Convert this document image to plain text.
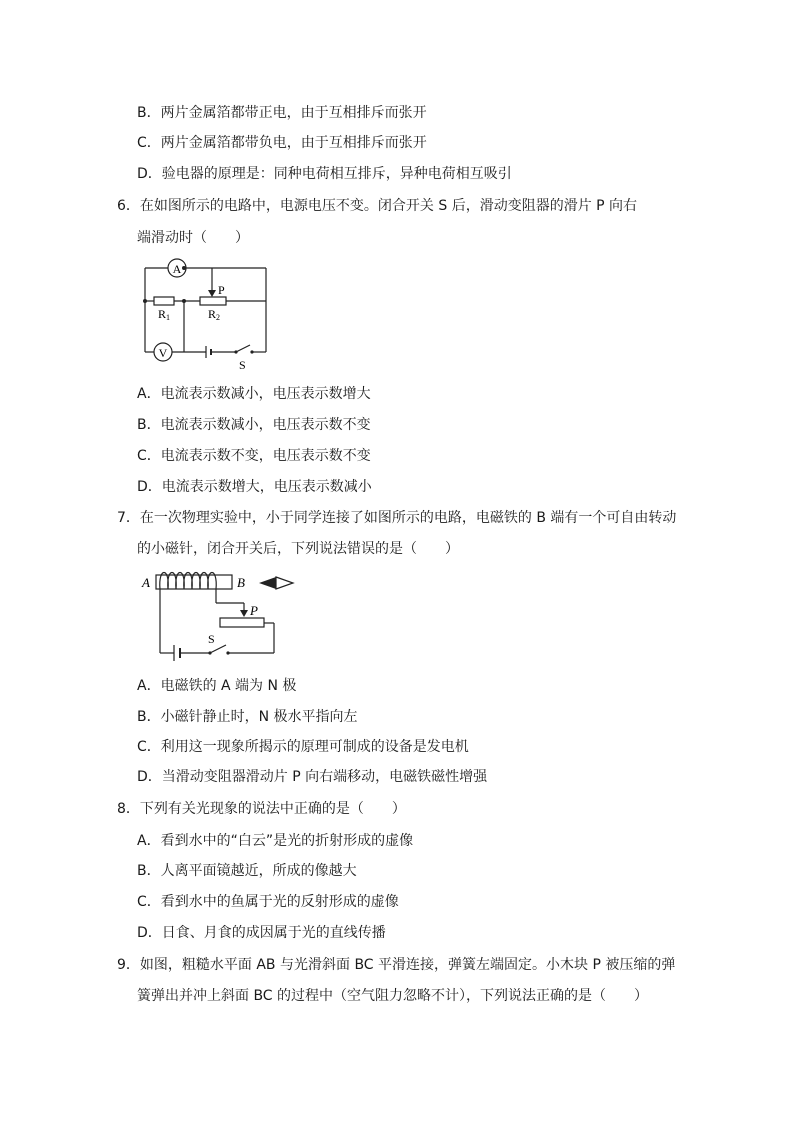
B．两片金属箔都带正电，由于互相排斥而张开
C．两片金属箔都带负电，由于互相排斥而张开
D．验电器的原理是：同种电荷相互排斥，异种电荷相互吸引
6．在如图所示的电路中，电源电压不变。闭合开关 S 后，滑动变阻器的滑片 P 向右
端滑动时（　　）
A
V
P
R1	R2
S
A．电流表示数减小，电压表示数增大
B．电流表示数减小，电压表示数不变
C．电流表示数不变，电压表示数不变
D．电流表示数增大，电压表示数减小
7．在一次物理实验中，小于同学连接了如图所示的电路，电磁铁的 B 端有一个可自由转动
的小磁针，闭合开关后，下列说法错误的是（　　）
A	B
P
S
A．电磁铁的 A 端为 N 极
B．小磁针静止时，N 极水平指向左
C．利用这一现象所揭示的原理可制成的设备是发电机
D．当滑动变阻器滑动片 P 向右端移动，电磁铁磁性增强
8．下列有关光现象的说法中正确的是（　　）
A．看到水中的“白云”是光的折射形成的虚像
B．人离平面镜越近，所成的像越大
C．看到水中的鱼属于光的反射形成的虚像
D．日食、月食的成因属于光的直线传播
9．如图，粗糙水平面 AB 与光滑斜面 BC 平滑连接，弹簧左端固定。小木块 P 被压缩的弹
簧弹出并冲上斜面 BC 的过程中（空气阻力忽略不计），下列说法正确的是（　　）
